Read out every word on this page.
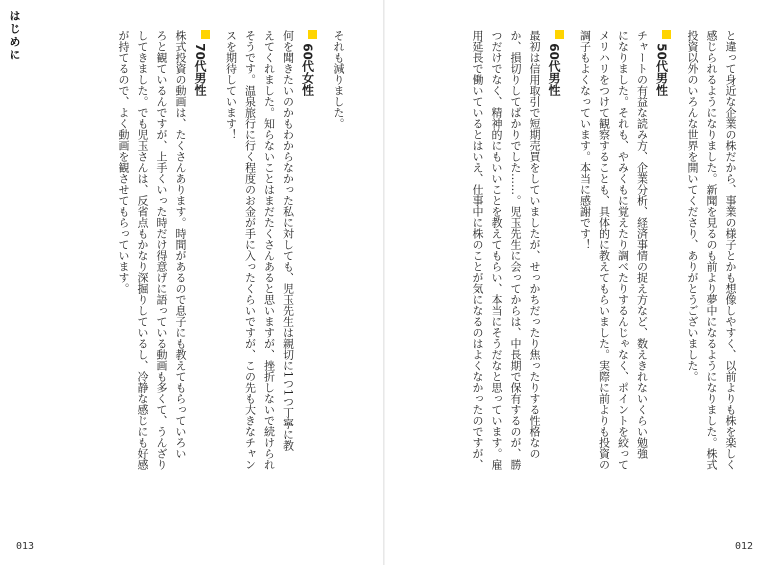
はじめに	と違って身近な企業の株だから、事業の様子とかも想像しやすく、以前よりも株を楽しく
感じられるようになりました。新聞を見るのも前より夢中になるようになりました。株式
投資以外のいろんな世界を開いてくださり、ありがとうございました。
50代男性
チャートの有益な読み方、企業分析、経済事情の捉え方など、数えきれないくらい勉強
になりました。それも、やみくもに覚えたり調べたりするんじゃなく、ポイントを絞って
メリハリをつけて観察することも、具体的に教えてもらいました。実際に前よりも投資の
調子もよくなっています。本当に感謝です！
60代男性
最初は信用取引で短期売買をしていましたが、せっかちだったり焦ったりする性格なの
か、損切りしてばかりでした……。児玉先生に会ってからは、中長期で保有するのが、勝
つだけでなく、精神的にもいいことを教えてもらい、本当にそうだなと思っています。雇
用延長で働いているとはいえ、仕事中に株のことが気になるのはよくなかったのですが、
それも減りました。
60代女性
何を聞きたいのかもわからなかった私に対しても、児玉先生は親切に1つ1つ丁寧に教
えてくれました。知らないことはまだたくさんあると思いますが、挫折しないで続けられ
そうです。温泉旅行に行く程度のお金が手に入ったくらいですが、この先も大きなチャン
スを期待しています！
70代男性
株式投資の動画は、たくさんあります。時間があるので息子にも教えてもらっていろい
ろと観ているんですが、上手くいった時だけ得意げに語っている動画も多くて、うんざり
してきました。でも児玉さんは、反省点もかなり深掘りしているし、冷静な感じにも好感
が持てるので、よく動画を観させてもらっています。
013	012
